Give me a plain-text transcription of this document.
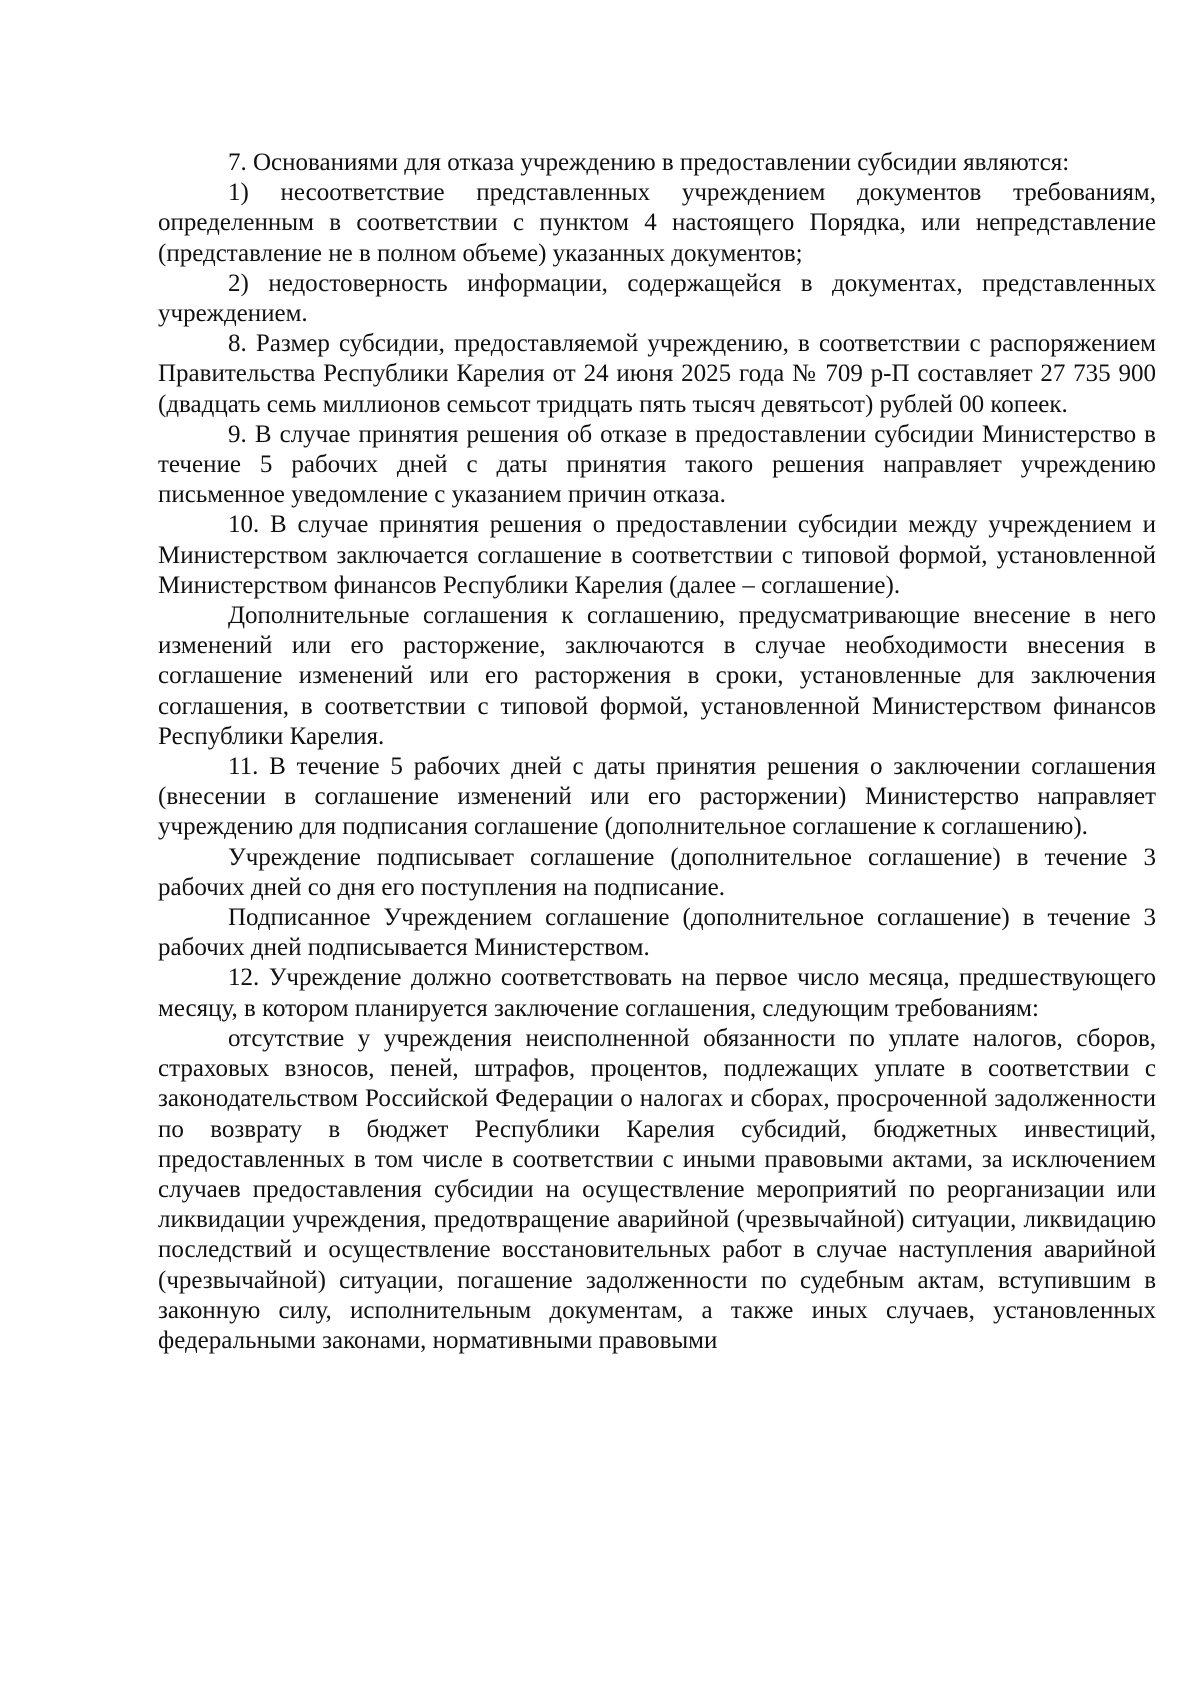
7. Основаниями для отказа учреждению в предоставлении субсидии являются:

1) несоответствие представленных учреждением документов требованиям, определенным в соответствии с пунктом 4 настоящего Порядка, или непредставление (представление не в полном объеме) указанных документов;

2) недостоверность информации, содержащейся в документах, представленных учреждением.

8. Размер субсидии, предоставляемой учреждению, в соответствии с распоряжением Правительства Республики Карелия от 24 июня 2025 года № 709 р-П составляет 27 735 900 (двадцать семь миллионов семьсот тридцать пять тысяч девятьсот) рублей 00 копеек.

9. В случае принятия решения об отказе в предоставлении субсидии Министерство в течение 5 рабочих дней с даты принятия такого решения направляет учреждению письменное уведомление с указанием причин отказа.

10. В случае принятия решения о предоставлении субсидии между учреждением и Министерством заключается соглашение в соответствии с типовой формой, установленной Министерством финансов Республики Карелия (далее – соглашение).

Дополнительные соглашения к соглашению, предусматривающие внесение в него изменений или его расторжение, заключаются в случае необходимости внесения в соглашение изменений или его расторжения в сроки, установленные для заключения соглашения, в соответствии с типовой формой, установленной Министерством финансов Республики Карелия.

11. В течение 5 рабочих дней с даты принятия решения о заключении соглашения (внесении в соглашение изменений или его расторжении) Министерство направляет учреждению для подписания соглашение (дополнительное соглашение к соглашению).

Учреждение подписывает соглашение (дополнительное соглашение) в течение 3 рабочих дней со дня его поступления на подписание.

Подписанное Учреждением соглашение (дополнительное соглашение) в течение 3 рабочих дней подписывается Министерством.

12. Учреждение должно соответствовать на первое число месяца, предшествующего месяцу, в котором планируется заключение соглашения, следующим требованиям:

отсутствие у учреждения неисполненной обязанности по уплате налогов, сборов, страховых взносов, пеней, штрафов, процентов, подлежащих уплате в соответствии с законодательством Российской Федерации о налогах и сборах, просроченной задолженности по возврату в бюджет Республики Карелия субсидий, бюджетных инвестиций, предоставленных в том числе в соответствии с иными правовыми актами, за исключением случаев предоставления субсидии на осуществление мероприятий по реорганизации или ликвидации учреждения, предотвращение аварийной (чрезвычайной) ситуации, ликвидацию последствий и осуществление восстановительных работ в случае наступления аварийной (чрезвычайной) ситуации, погашение задолженности по судебным актам, вступившим в законную силу, исполнительным документам, а также иных случаев, установленных федеральными законами, нормативными правовыми
